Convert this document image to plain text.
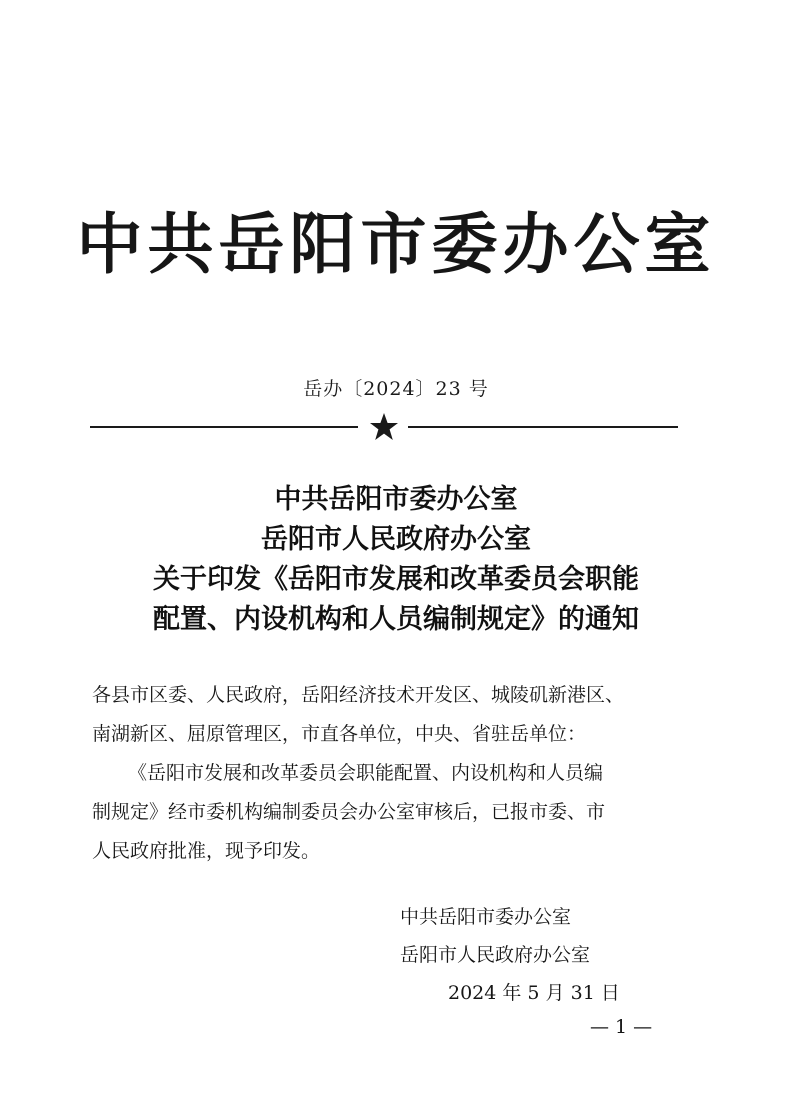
中共岳阳市委办公室
岳办〔2024〕23 号
中共岳阳市委办公室
岳阳市人民政府办公室
关于印发《岳阳市发展和改革委员会职能
配置、内设机构和人员编制规定》的通知
各县市区委、人民政府，岳阳经济技术开发区、城陵矶新港区、
南湖新区、屈原管理区，市直各单位，中央、省驻岳单位：
《岳阳市发展和改革委员会职能配置、内设机构和人员编
制规定》经市委机构编制委员会办公室审核后，已报市委、市
人民政府批准，现予印发。
中共岳阳市委办公室
岳阳市人民政府办公室
2024 年 5 月 31 日
— 1 —
